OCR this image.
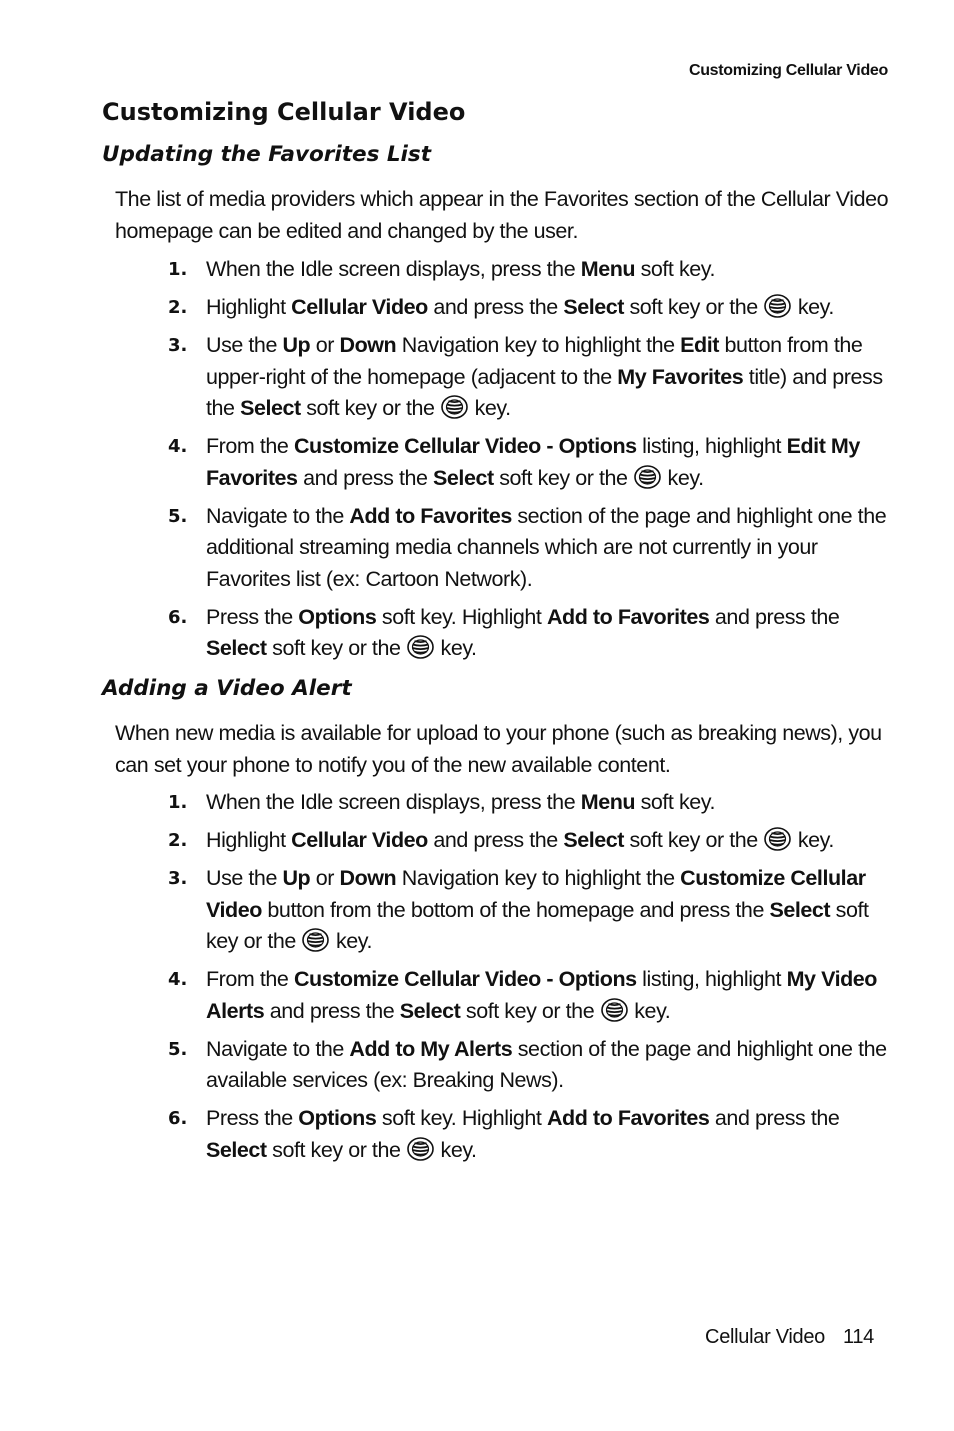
Customizing Cellular Video
Customizing Cellular Video
Updating the Favorites List

The list of media providers which appear in the Favorites section of the Cellular Video homepage can be edited and changed by the user.

1. When the Idle screen displays, press the Menu soft key.
2. Highlight Cellular Video and press the Select soft key or the  key.
3. Use the Up or Down Navigation key to highlight the Edit button from the upper-right of the homepage (adjacent to the My Favorites title) and press the Select soft key or the  key.
4. From the Customize Cellular Video - Options listing, highlight Edit My Favorites and press the Select soft key or the  key.
5. Navigate to the Add to Favorites section of the page and highlight one the additional streaming media channels which are not currently in your Favorites list (ex: Cartoon Network).
6. Press the Options soft key. Highlight Add to Favorites and press the Select soft key or the  key.
Adding a Video Alert

When new media is available for upload to your phone (such as breaking news), you can set your phone to notify you of the new available content.

1. When the Idle screen displays, press the Menu soft key.
2. Highlight Cellular Video and press the Select soft key or the  key.
3. Use the Up or Down Navigation key to highlight the Customize Cellular Video button from the bottom of the homepage and press the Select soft key or the  key.
4. From the Customize Cellular Video - Options listing, highlight My Video Alerts and press the Select soft key or the  key.
5. Navigate to the Add to My Alerts section of the page and highlight one the available services (ex: Breaking News).
6. Press the Options soft key. Highlight Add to Favorites and press the Select soft key or the  key.
Cellular Video 114
